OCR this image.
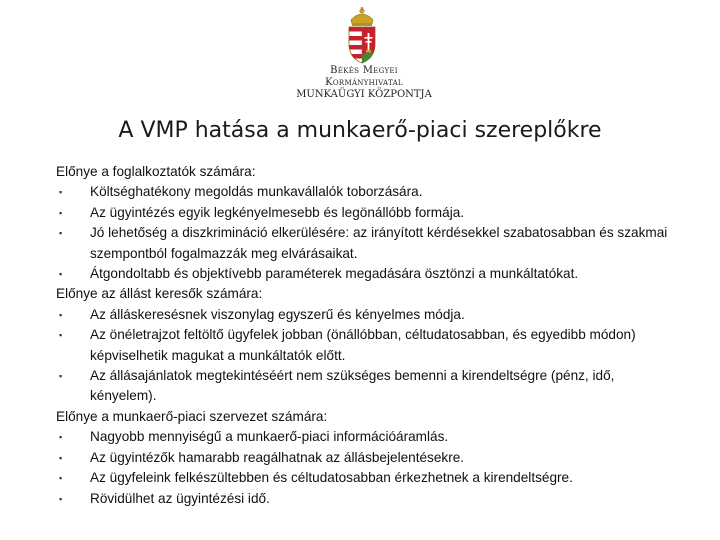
Békés Megyei
Kormányhivatal
MUNKAÜGYI KÖZPONTJA
A VMP hatása a munkaerő-piaci szereplőkre
Előnye a foglalkoztatók számára:
▪ Költséghatékony megoldás munkavállalók toborzására.
▪ Az ügyintézés egyik legkényelmesebb és legönállóbb formája.
▪ Jó lehetőség a diszkrimináció elkerülésére: az irányított kérdésekkel szabatosabban és szakmai szempontból fogalmazzák meg elvárásaikat.
▪ Átgondoltabb és objektívebb paraméterek megadására ösztönzi a munkáltatókat.
Előnye az állást keresők számára:
▪ Az álláskeresésnek viszonylag egyszerű és kényelmes módja.
▪ Az önéletrajzot feltöltő ügyfelek jobban (önállóbban, céltudatosabban, és egyedibb módon) képviselhetik magukat a munkáltatók előtt.
▪ Az állásajánlatok megtekintéséért nem szükséges bemenni a kirendeltségre (pénz, idő, kényelem).
Előnye a munkaerő-piaci szervezet számára:
▪ Nagyobb mennyiségű a munkaerő-piaci információáramlás.
▪ Az ügyintézők hamarabb reagálhatnak az állásbejelentésekre.
▪ Az ügyfeleink felkészültebben és céltudatosabban érkezhetnek a kirendeltségre.
▪ Rövidülhet az ügyintézési idő.
